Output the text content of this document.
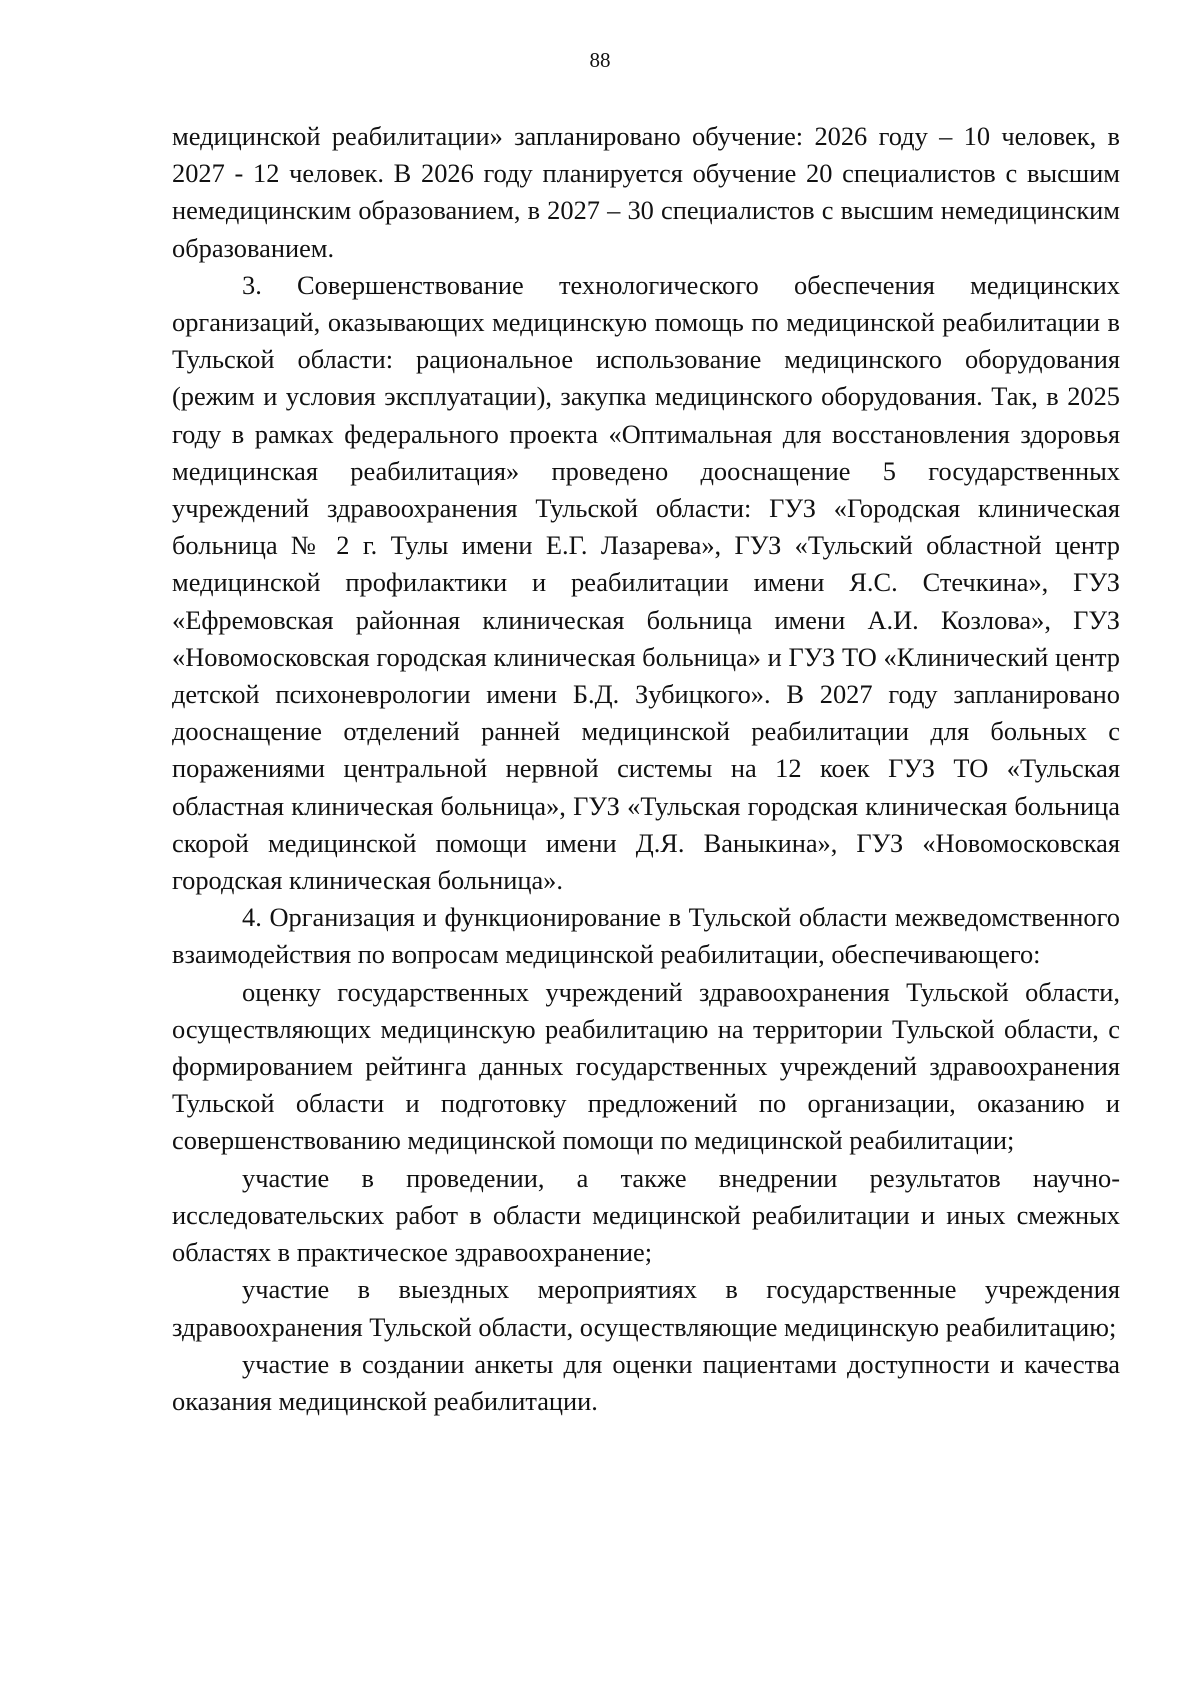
88

медицинской реабилитации» запланировано обучение: 2026 году – 10 человек, в 2027 - 12 человек. В 2026 году планируется обучение 20 специалистов с высшим немедицинским образованием, в 2027 – 30 специалистов с высшим немедицинским образованием.

3. Совершенствование технологического обеспечения медицинских организаций, оказывающих медицинскую помощь по медицинской реабилитации в Тульской области: рациональное использование медицинского оборудования (режим и условия эксплуатации), закупка медицинского оборудования. Так, в 2025 году в рамках федерального проекта «Оптимальная для восстановления здоровья медицинская реабилитация» проведено дооснащение 5 государственных учреждений здравоохранения Тульской области: ГУЗ «Городская клиническая больница № 2 г. Тулы имени Е.Г. Лазарева», ГУЗ «Тульский областной центр медицинской профилактики и реабилитации имени Я.С. Стечкина», ГУЗ «Ефремовская районная клиническая больница имени А.И. Козлова», ГУЗ «Новомосковская городская клиническая больница» и ГУЗ ТО «Клинический центр детской психоневрологии имени Б.Д. Зубицкого». В 2027 году запланировано дооснащение отделений ранней медицинской реабилитации для больных с поражениями центральной нервной системы на 12 коек ГУЗ ТО «Тульская областная клиническая больница», ГУЗ «Тульская городская клиническая больница скорой медицинской помощи имени Д.Я. Ваныкина», ГУЗ «Новомосковская городская клиническая больница».

4. Организация и функционирование в Тульской области межведомственного взаимодействия по вопросам медицинской реабилитации, обеспечивающего:

оценку государственных учреждений здравоохранения Тульской области, осуществляющих медицинскую реабилитацию на территории Тульской области, с формированием рейтинга данных государственных учреждений здравоохранения Тульской области и подготовку предложений по организации, оказанию и совершенствованию медицинской помощи по медицинской реабилитации;

участие в проведении, а также внедрении результатов научно-исследовательских работ в области медицинской реабилитации и иных смежных областях в практическое здравоохранение;

участие в выездных мероприятиях в государственные учреждения здравоохранения Тульской области, осуществляющие медицинскую реабилитацию;

участие в создании анкеты для оценки пациентами доступности и качества оказания медицинской реабилитации.
